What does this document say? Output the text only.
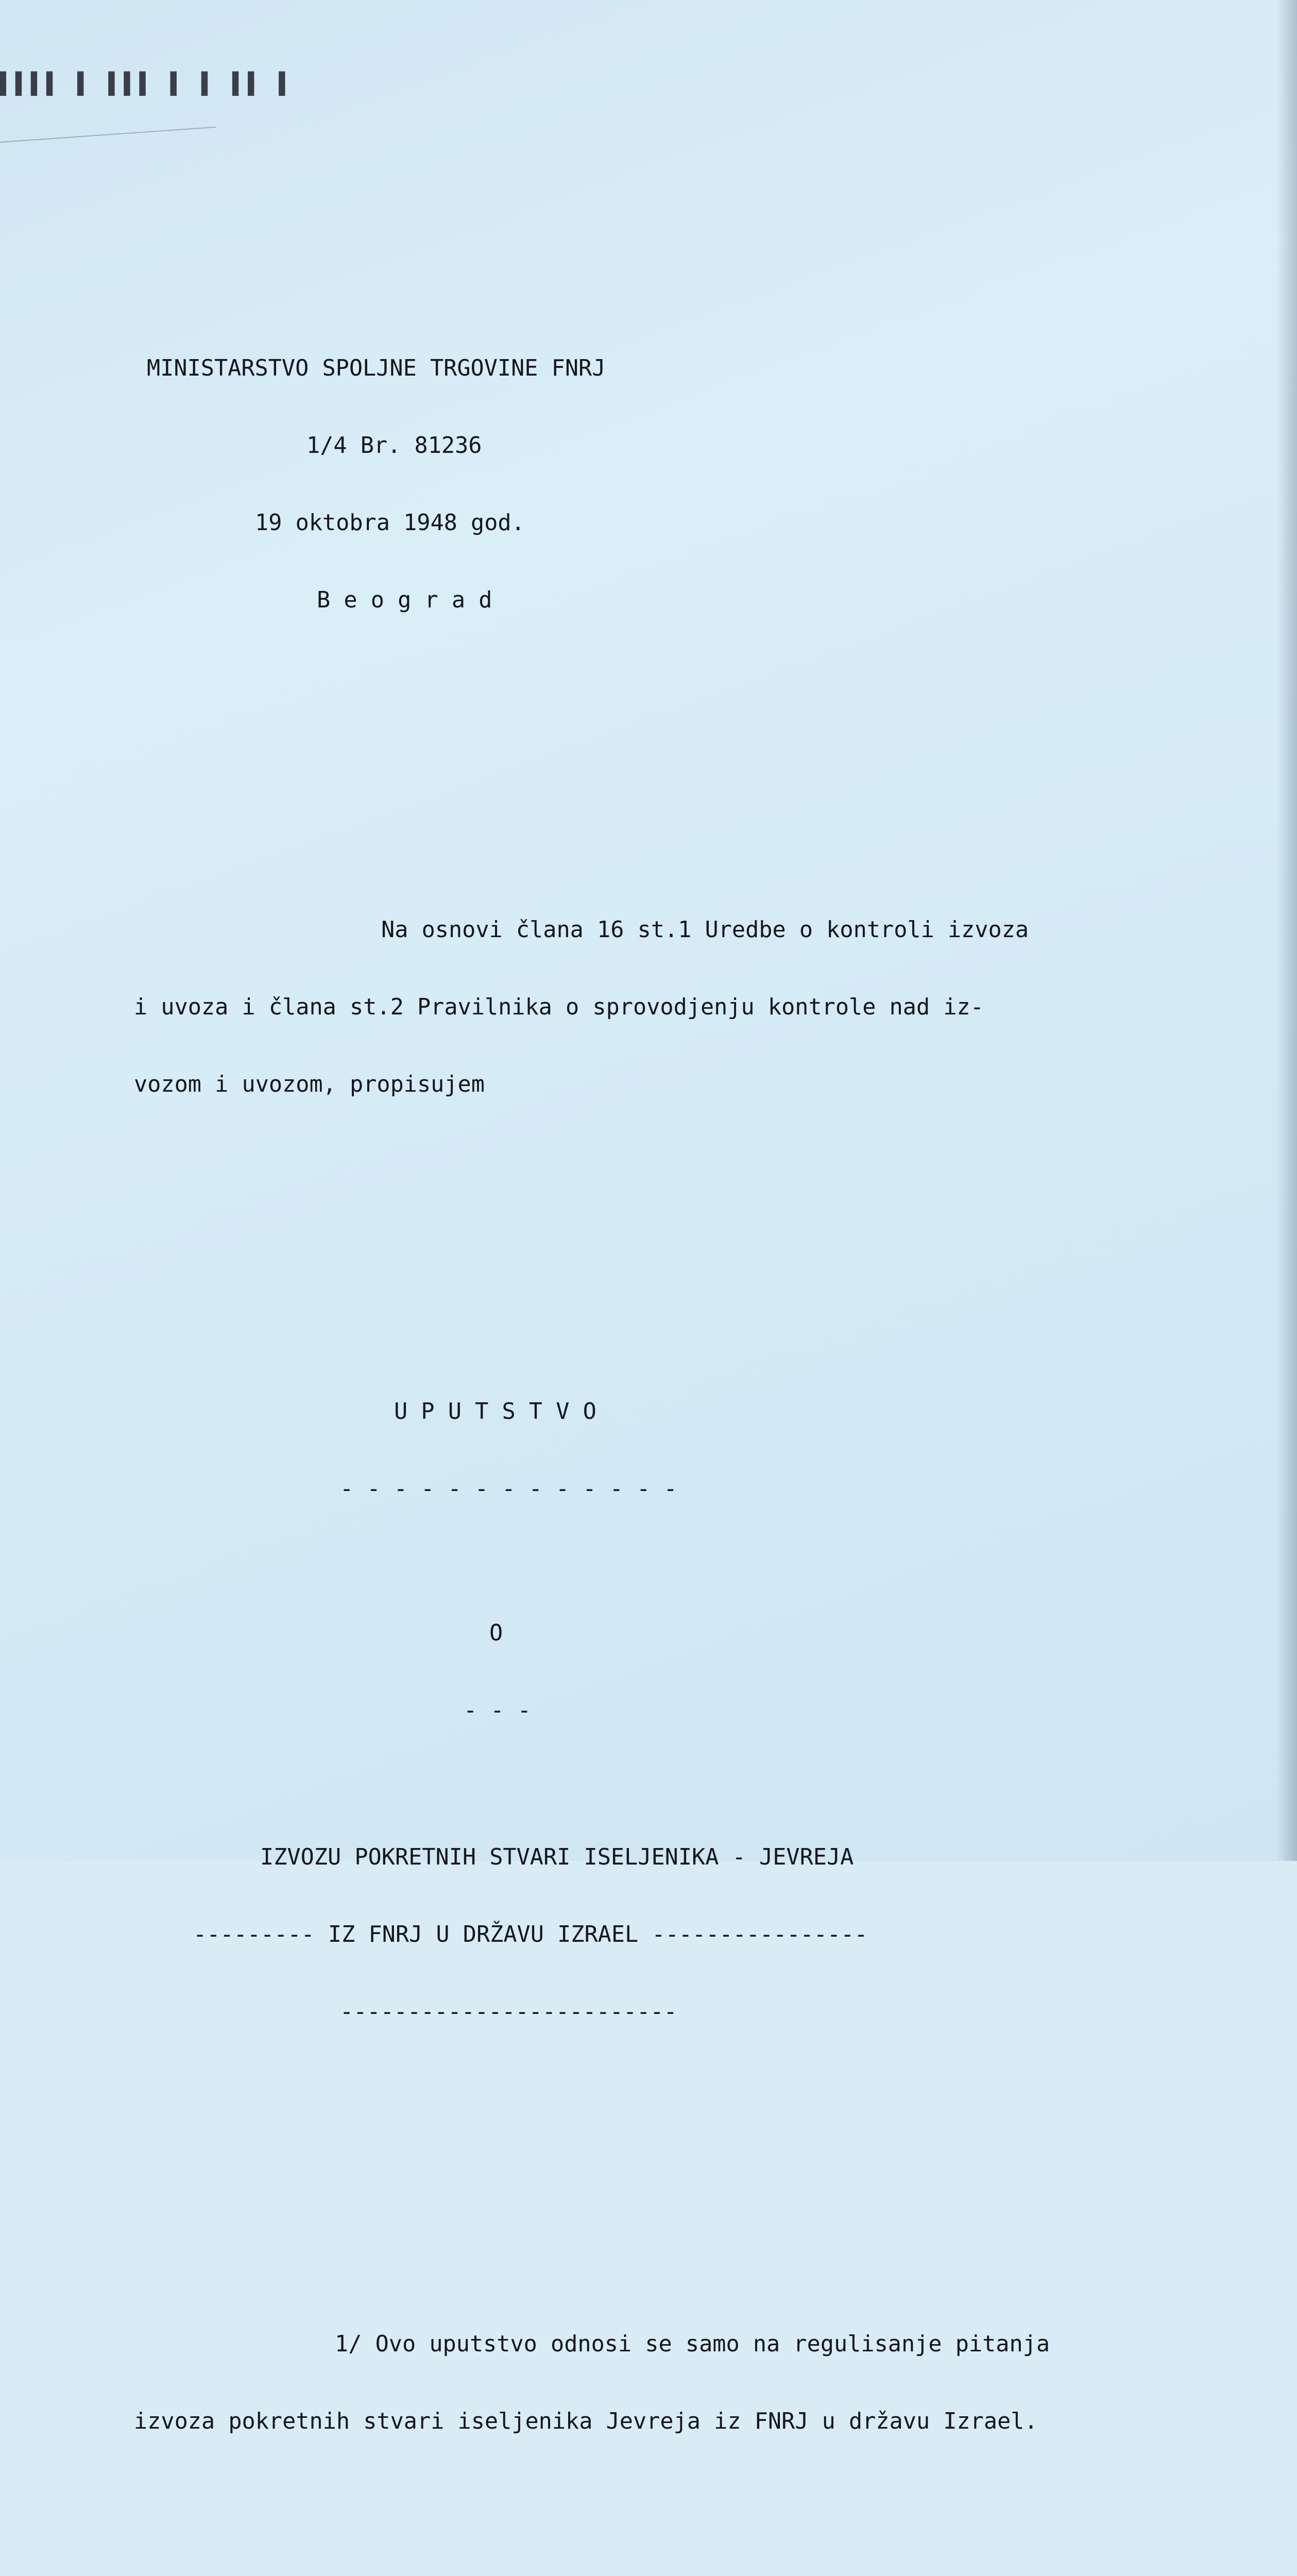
▌▌▌▌ ▌ ▌▌▌ ▌ ▌ ▌▌ ▌

MINISTARSTVO SPOLJNE TRGOVINE FNRJ

1/4 Br. 81236

19 oktobra 1948 god.

B e o g r a d

Na osnovi člana 16 st.1 Uredbe o kontroli izvoza

i uvoza i člana st.2 Pravilnika o sprovodjenju kontrole nad iz-

vozom i uvozom, propisujem

U P U T S T V O

- - - - - - - - - - - - -

O

- - -

IZVOZU POKRETNIH STVARI ISELJENIKA - JEVREJA

--------- IZ FNRJ U DRŽAVU IZRAEL ----------------

-------------------------

1/ Ovo uputstvo odnosi se samo na regulisanje pitanja

izvoza pokretnih stvari iseljenika Jevreja iz FNRJ u državu Izrael.
